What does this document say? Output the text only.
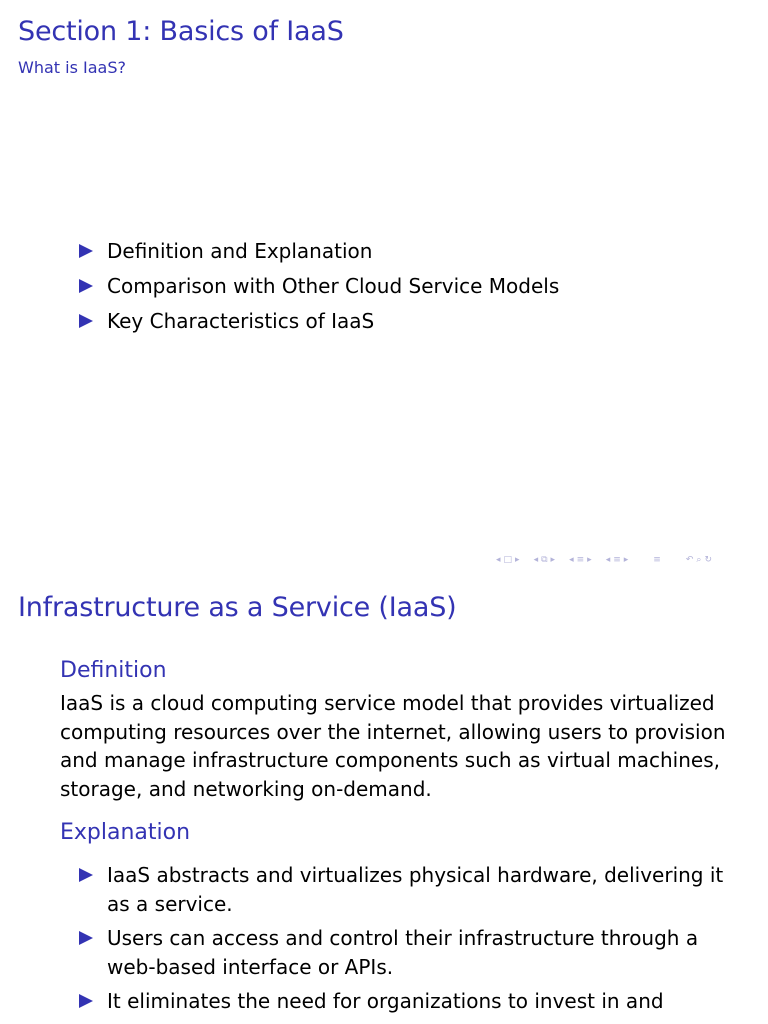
Section 1: Basics of IaaS
What is IaaS?
Definition and Explanation
Comparison with Other Cloud Service Models
Key Characteristics of IaaS
◂ □ ▸ ◂ ⧉ ▸ ◂ ≡ ▸ ◂ ≡ ▸	≡	↶ ⌕ ↻
Infrastructure as a Service (IaaS)
Definition
IaaS is a cloud computing service model that provides virtualized
computing resources over the internet, allowing users to provision
and manage infrastructure components such as virtual machines,
storage, and networking on-demand.
Explanation
IaaS abstracts and virtualizes physical hardware, delivering it
as a service.
Users can access and control their infrastructure through a
web-based interface or APIs.
It eliminates the need for organizations to invest in and
